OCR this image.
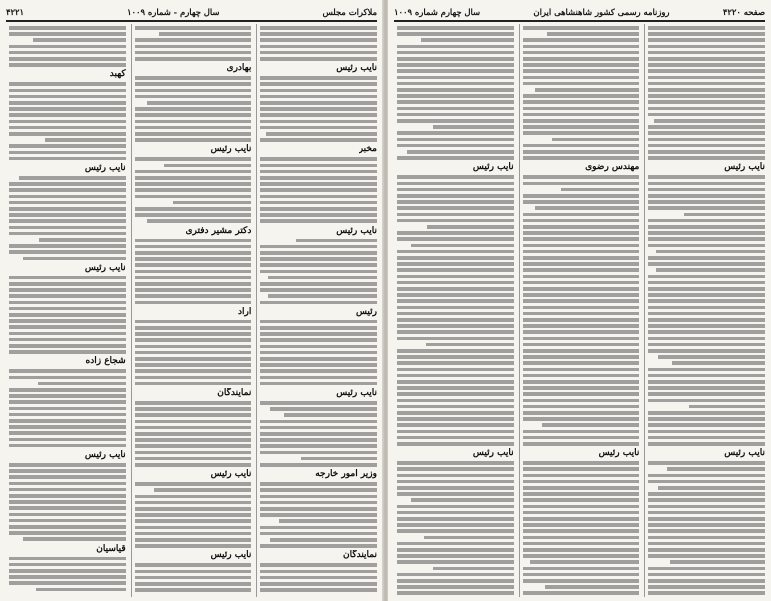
ملاکرات مجلس
سال چهارم - شماره ۱۰۰۹
۴۲۲۱
نایب رئیس
مخبر
نایب رئیس
رئیس
نایب رئیس
وزیر امور خارجه
نمایندگان
بهادری
نایب رئیس
دکتر مشیر دفتری
آراد
نمایندگان
نایب رئیس
نایب رئیس
کهبد
نایب رئیس
نایب رئیس
شجاع زاده
نایب رئیس
قیاسیان
صفحه ۴۲۲۰
روزنامه رسمی کشور شاهنشاهی ایران
سال چهارم شماره ۱۰۰۹
نایب رئیس
نایب رئیس
مهندس رضوی
نایب رئیس
نایب رئیس
نایب رئیس
